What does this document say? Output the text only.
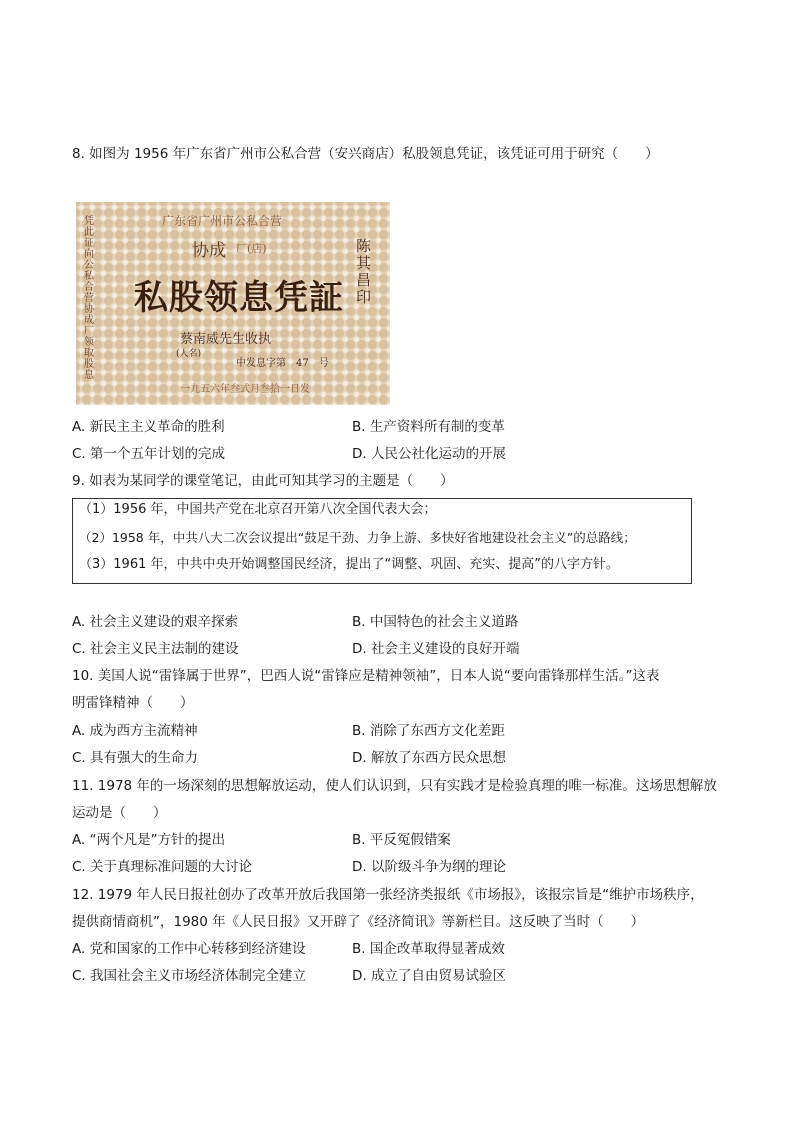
8. 如图为 1956 年广东省广州市公私合营（安兴商店）私股领息凭证，该凭证可用于研究（　　）
广东省广州市公私合营
协成 厂(店)
私股领息凭証
蔡南威先生收执
(人名)
中发息字第　47　号
一九五六年叁式月叁拾一日发
凭此证向公私合营协成厂领取股息
陈其昌印
A. 新民主主义革命的胜利	B. 生产资料所有制的变革
C. 第一个五年计划的完成	D. 人民公社化运动的开展
9. 如表为某同学的课堂笔记，由此可知其学习的主题是（　　）
（1）1956 年，中国共产党在北京召开第八次全国代表大会；
（2）1958 年，中共八大二次会议提出“鼓足干劲、力争上游、多快好省地建设社会主义”的总路线；
（3）1961 年，中共中央开始调整国民经济，提出了“调整、巩固、充实、提高”的八字方针。
A. 社会主义建设的艰辛探索	B. 中国特色的社会主义道路
C. 社会主义民主法制的建设	D. 社会主义建设的良好开端
10. 美国人说“雷锋属于世界”，巴西人说“雷锋应是精神领袖”，日本人说“要向雷锋那样生活。”这表
明雷锋精神（　　）
A. 成为西方主流精神	B. 消除了东西方文化差距
C. 具有强大的生命力	D. 解放了东西方民众思想
11. 1978 年的一场深刻的思想解放运动，使人们认识到，只有实践才是检验真理的唯一标准。这场思想解放
运动是（　　）
A. “两个凡是”方针的提出	B. 平反冤假错案
C. 关于真理标准问题的大讨论	D. 以阶级斗争为纲的理论
12. 1979 年人民日报社创办了改革开放后我国第一张经济类报纸《市场报》，该报宗旨是“维护市场秩序，
提供商情商机”，1980 年《人民日报》又开辟了《经济简讯》等新栏目。这反映了当时（　　）
A. 党和国家的工作中心转移到经济建设	B. 国企改革取得显著成效
C. 我国社会主义市场经济体制完全建立	D. 成立了自由贸易试验区
